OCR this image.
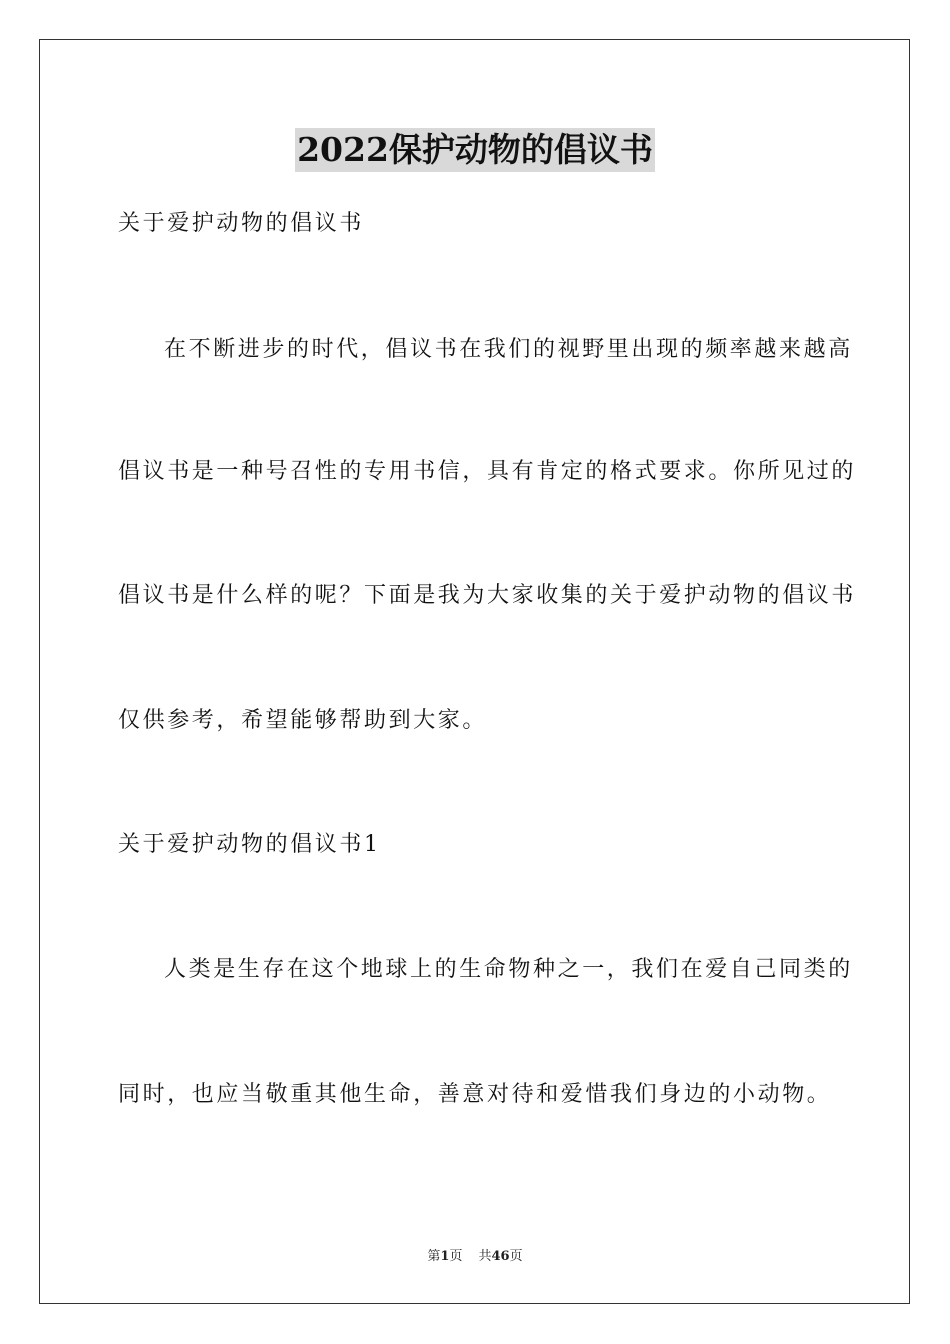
2022保护动物的倡议书

关于爱护动物的倡议书

在不断进步的时代，倡议书在我们的视野里出现的频率越来越高

倡议书是一种号召性的专用书信，具有肯定的格式要求。你所见过的

倡议书是什么样的呢？下面是我为大家收集的关于爱护动物的倡议书

仅供参考，希望能够帮助到大家。

关于爱护动物的倡议书1

人类是生存在这个地球上的生命物种之一，我们在爱自己同类的

同时，也应当敬重其他生命，善意对待和爱惜我们身边的小动物。

第1页 共46页
